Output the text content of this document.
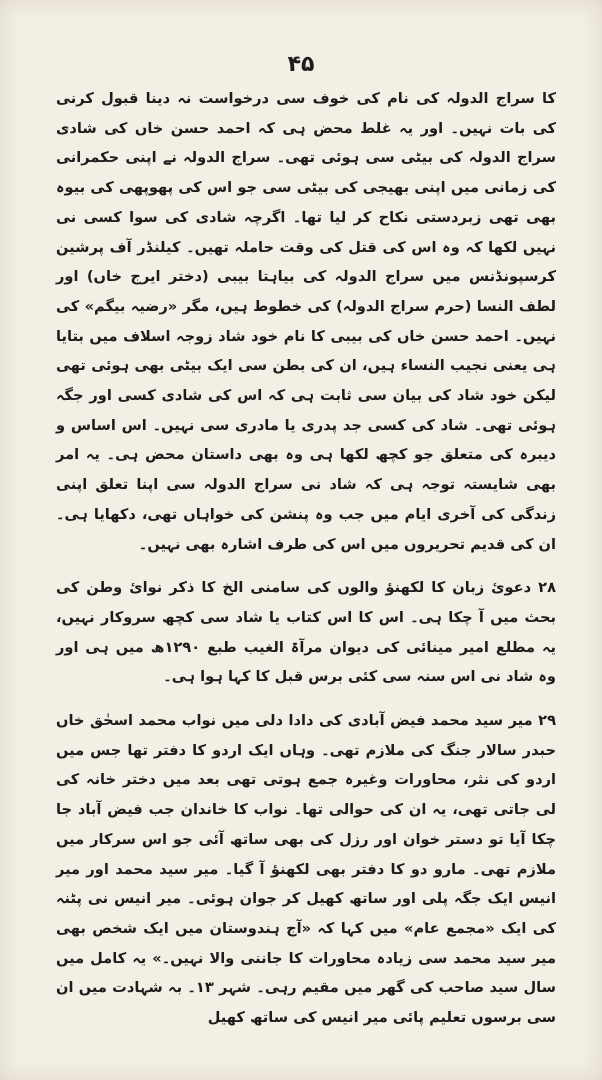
۴۵

کا سراج الدولہ کی نام کی خوف سی درخواست نہ دینا قبول کرنی کی بات نہیں۔ اور یہ غلط محض ہی کہ احمد حسن خاں کی شادی سراج الدولہ کی بیٹی سی ہوئی تھی۔ سراج الدولہ نے اپنی حکمرانی کی زمانی میں اپنی بھیجی کی بیٹی سی جو اس کی پھوپھی کی بیوہ بھی تھی زبردستی نکاح کر لیا تھا۔ اگرچہ شادی کی سوا کسی نی نہیں لکھا کہ وہ اس کی قتل کی وقت حاملہ تھیں۔ کیلنڈر آف پرشین کرسپونڈنس میں سراج الدولہ کی بیاہتا بیبی (دختر ایرج خاں) اور لطف النسا (حرم سراج الدولہ) کی خطوط ہیں، مگر «رضیہ بیگم» کی نہیں۔ احمد حسن خاں کی بیبی کا نام خود شاد زوجہ اسلاف میں بتایا ہی یعنی نجیب النساء ہیں، ان کی بطن سی ایک بیٹی بھی ہوئی تھی لیکن خود شاد کی بیان سی ثابت ہی کہ اس کی شادی کسی اور جگہ ہوئی تھی۔ شاد کی کسی جد پدری یا مادری سی نہیں۔ اس اساس و دیبرہ کی متعلق جو کچھ لکھا ہی وہ بھی داستان محض ہی۔ یہ امر بھی شایستہ توجہ ہی کہ شاد نی سراج الدولہ سی اپنا تعلق اپنی زندگی کی آخری ایام میں جب وہ پنشن کی خواہاں تھی، دکھایا ہی۔ ان کی قدیم تحریروں میں اس کی طرف اشارہ بھی نہیں۔

۲۸ دعوئ زبان کا لکھنؤ والوں کی سامنی الخ کا ذکر نوائ وطن کی بحث میں آ چکا ہی۔ اس کا اس کتاب یا شاد سی کچھ سروکار نہیں، یہ مطلع امیر مینائی کی دیوان مرآۃ الغیب طبع ۱۲۹۰ھ میں ہی اور وہ شاد نی اس سنہ سی کئی برس قبل کا کہا ہوا ہی۔

۲۹ میر سید محمد فیض آبادی کی دادا دلی میں نواب محمد اسحٰق خاں حبدر سالار جنگ کی ملازم تھی۔ وہاں ایک اردو کا دفتر تھا جس میں اردو کی نثر، محاورات وغیرہ جمع ہوتی تھی بعد میں دختر خانہ کی لی جاتی تھی، یہ ان کی حوالی تھا۔ نواب کا خاندان جب فیض آباد جا چکا آیا تو دستر خوان اور رزل کی بھی ساتھ آئی جو اس سرکار میں ملازم تھی۔ مارو دو کا دفتر بھی لکھنؤ آ گیا۔ میر سید محمد اور میر انیس ایک جگہ پلی اور ساتھ کھیل کر جوان ہوئی۔ میر انیس نی پٹنہ کی ایک «مجمع عام» میں کہا کہ «آج ہندوستان میں ایک شخص بھی میر سید محمد سی زیادہ محاورات کا جاننی والا نہیں۔» یہ کامل میں سال سید صاحب کی گھر میں مقیم رہی۔ شہر ۱۳۔ بہ شہادت میں ان سی برسوں تعلیم پائی میر انیس کی ساتھ کھیل
